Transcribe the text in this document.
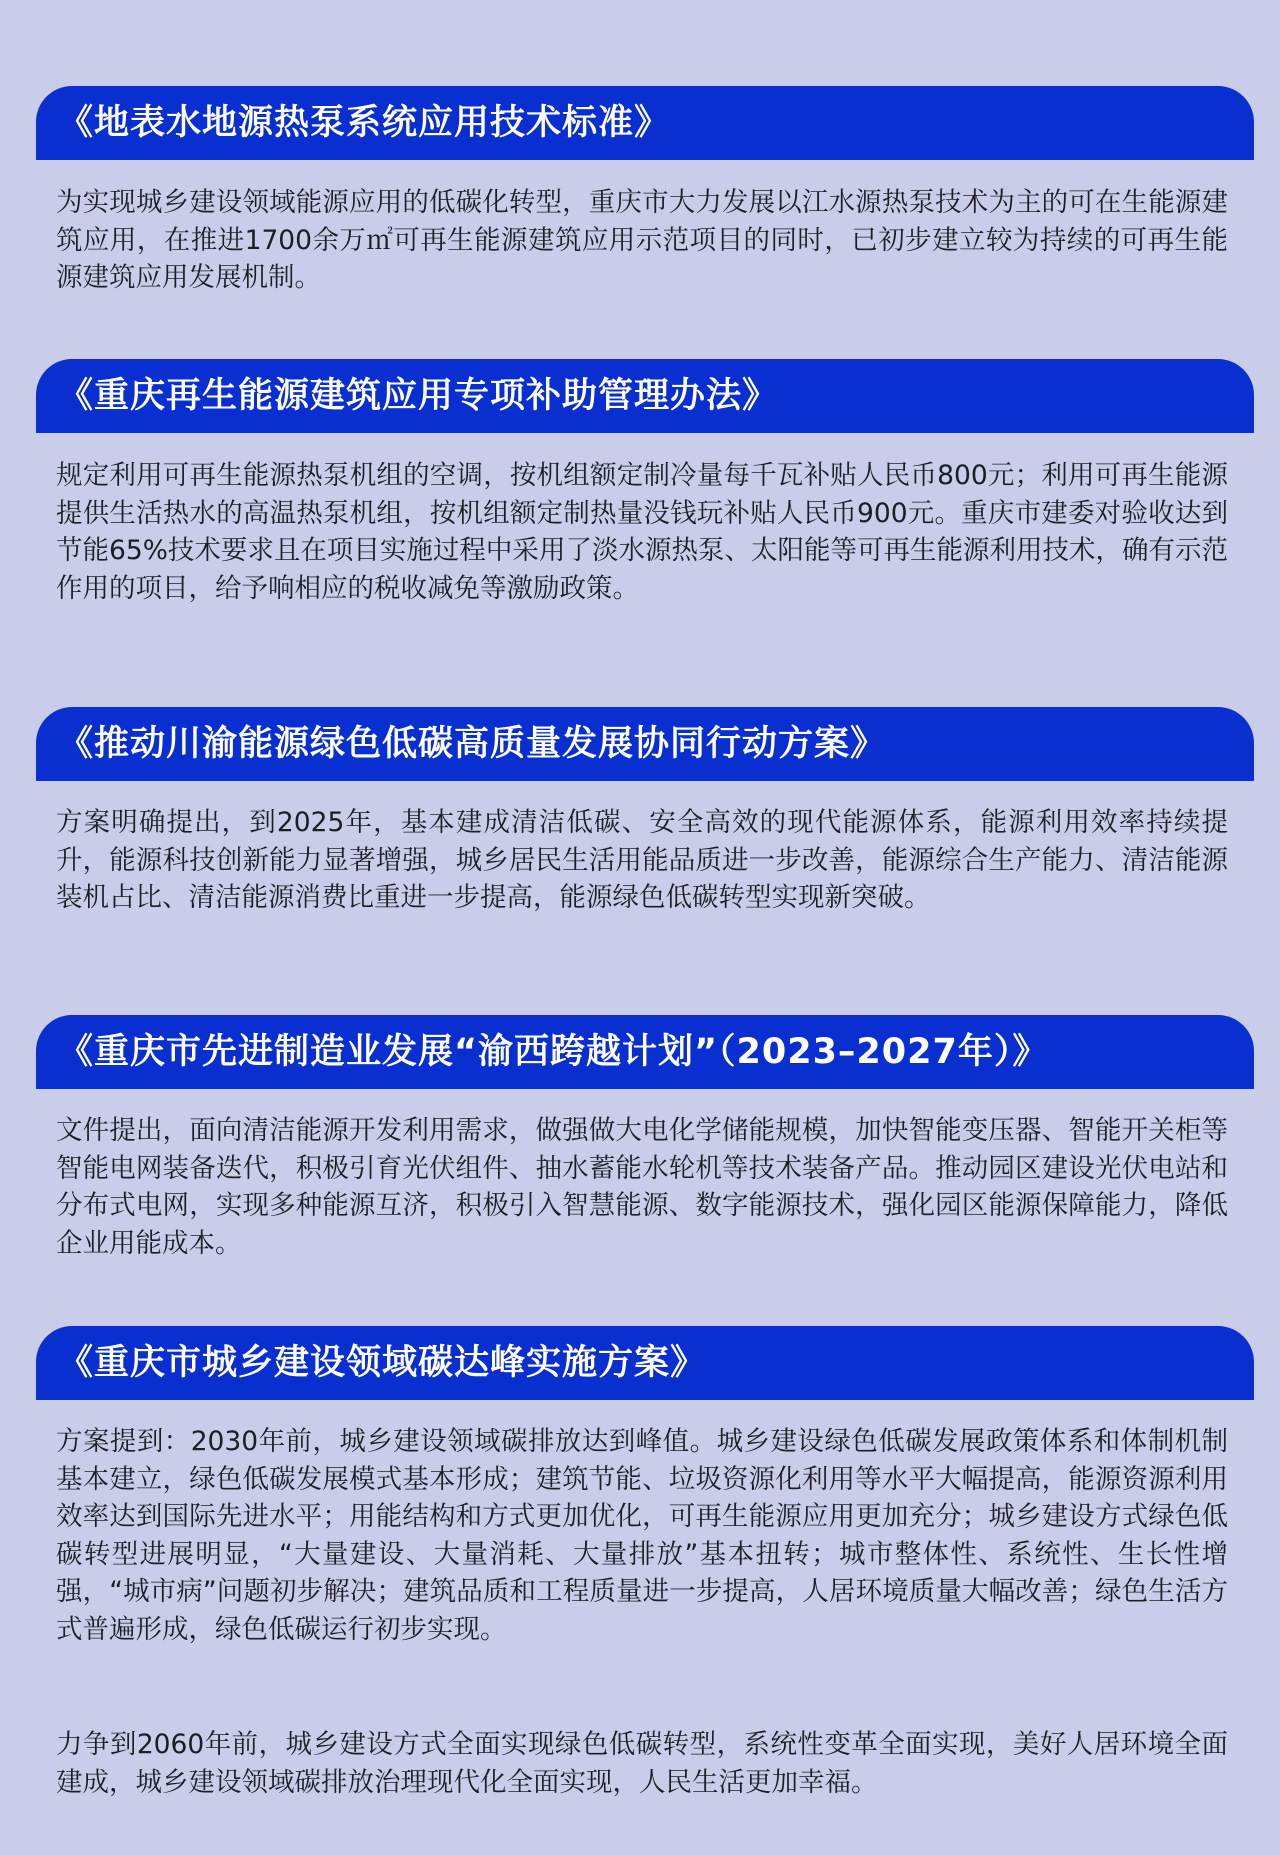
《地表水地源热泵系统应用技术标准》

为实现城乡建设领域能源应用的低碳化转型，重庆市大力发展以江水源热泵技术为主的可在生能源建筑应用，在推进1700余万㎡可再生能源建筑应用示范项目的同时，已初步建立较为持续的可再生能源建筑应用发展机制。

《重庆再生能源建筑应用专项补助管理办法》

规定利用可再生能源热泵机组的空调，按机组额定制冷量每千瓦补贴人民币800元；利用可再生能源提供生活热水的高温热泵机组，按机组额定制热量没钱玩补贴人民币900元。重庆市建委对验收达到节能65%技术要求且在项目实施过程中采用了淡水源热泵、太阳能等可再生能源利用技术，确有示范作用的项目，给予响相应的税收减免等激励政策。

《推动川渝能源绿色低碳高质量发展协同行动方案》

方案明确提出，到2025年，基本建成清洁低碳、安全高效的现代能源体系，能源利用效率持续提升，能源科技创新能力显著增强，城乡居民生活用能品质进一步改善，能源综合生产能力、清洁能源装机占比、清洁能源消费比重进一步提高，能源绿色低碳转型实现新突破。

《重庆市先进制造业发展“渝西跨越计划”（2023–2027年）》

文件提出，面向清洁能源开发利用需求，做强做大电化学储能规模，加快智能变压器、智能开关柜等智能电网装备迭代，积极引育光伏组件、抽水蓄能水轮机等技术装备产品。推动园区建设光伏电站和分布式电网，实现多种能源互济，积极引入智慧能源、数字能源技术，强化园区能源保障能力，降低企业用能成本。

《重庆市城乡建设领域碳达峰实施方案》

方案提到：2030年前，城乡建设领域碳排放达到峰值。城乡建设绿色低碳发展政策体系和体制机制基本建立，绿色低碳发展模式基本形成；建筑节能、垃圾资源化利用等水平大幅提高，能源资源利用效率达到国际先进水平；用能结构和方式更加优化，可再生能源应用更加充分；城乡建设方式绿色低碳转型进展明显，“大量建设、大量消耗、大量排放”基本扭转；城市整体性、系统性、生长性增强，“城市病”问题初步解决；建筑品质和工程质量进一步提高，人居环境质量大幅改善；绿色生活方式普遍形成，绿色低碳运行初步实现。

力争到2060年前，城乡建设方式全面实现绿色低碳转型，系统性变革全面实现，美好人居环境全面建成，城乡建设领域碳排放治理现代化全面实现，人民生活更加幸福。
